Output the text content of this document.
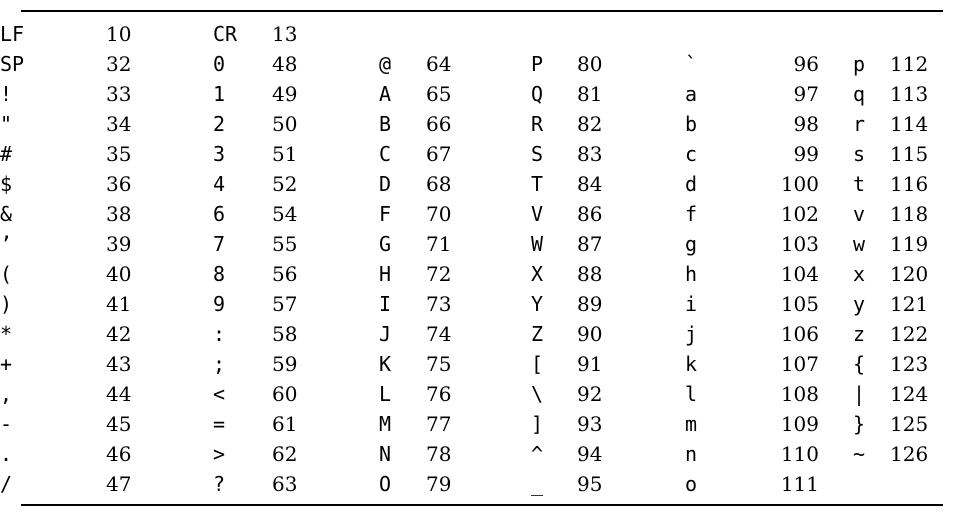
LF	10	CR	13								
SP	32	0	48	@	64	P	80	`	96	p	112
!	33	1	49	A	65	Q	81	a	97	q	113
"	34	2	50	B	66	R	82	b	98	r	114
#	35	3	51	C	67	S	83	c	99	s	115
$	36	4	52	D	68	T	84	d	100	t	116
&	38	6	54	F	70	V	86	f	102	v	118
’	39	7	55	G	71	W	87	g	103	w	119
(	40	8	56	H	72	X	88	h	104	x	120
)	41	9	57	I	73	Y	89	i	105	y	121
*	42	:	58	J	74	Z	90	j	106	z	122
+	43	;	59	K	75	[	91	k	107	{	123
,	44	<	60	L	76	\	92	l	108	|	124
-	45	=	61	M	77	]	93	m	109	}	125
.	46	>	62	N	78	^	94	n	110	~	126
/	47	?	63	O	79	_	95	o	111		
